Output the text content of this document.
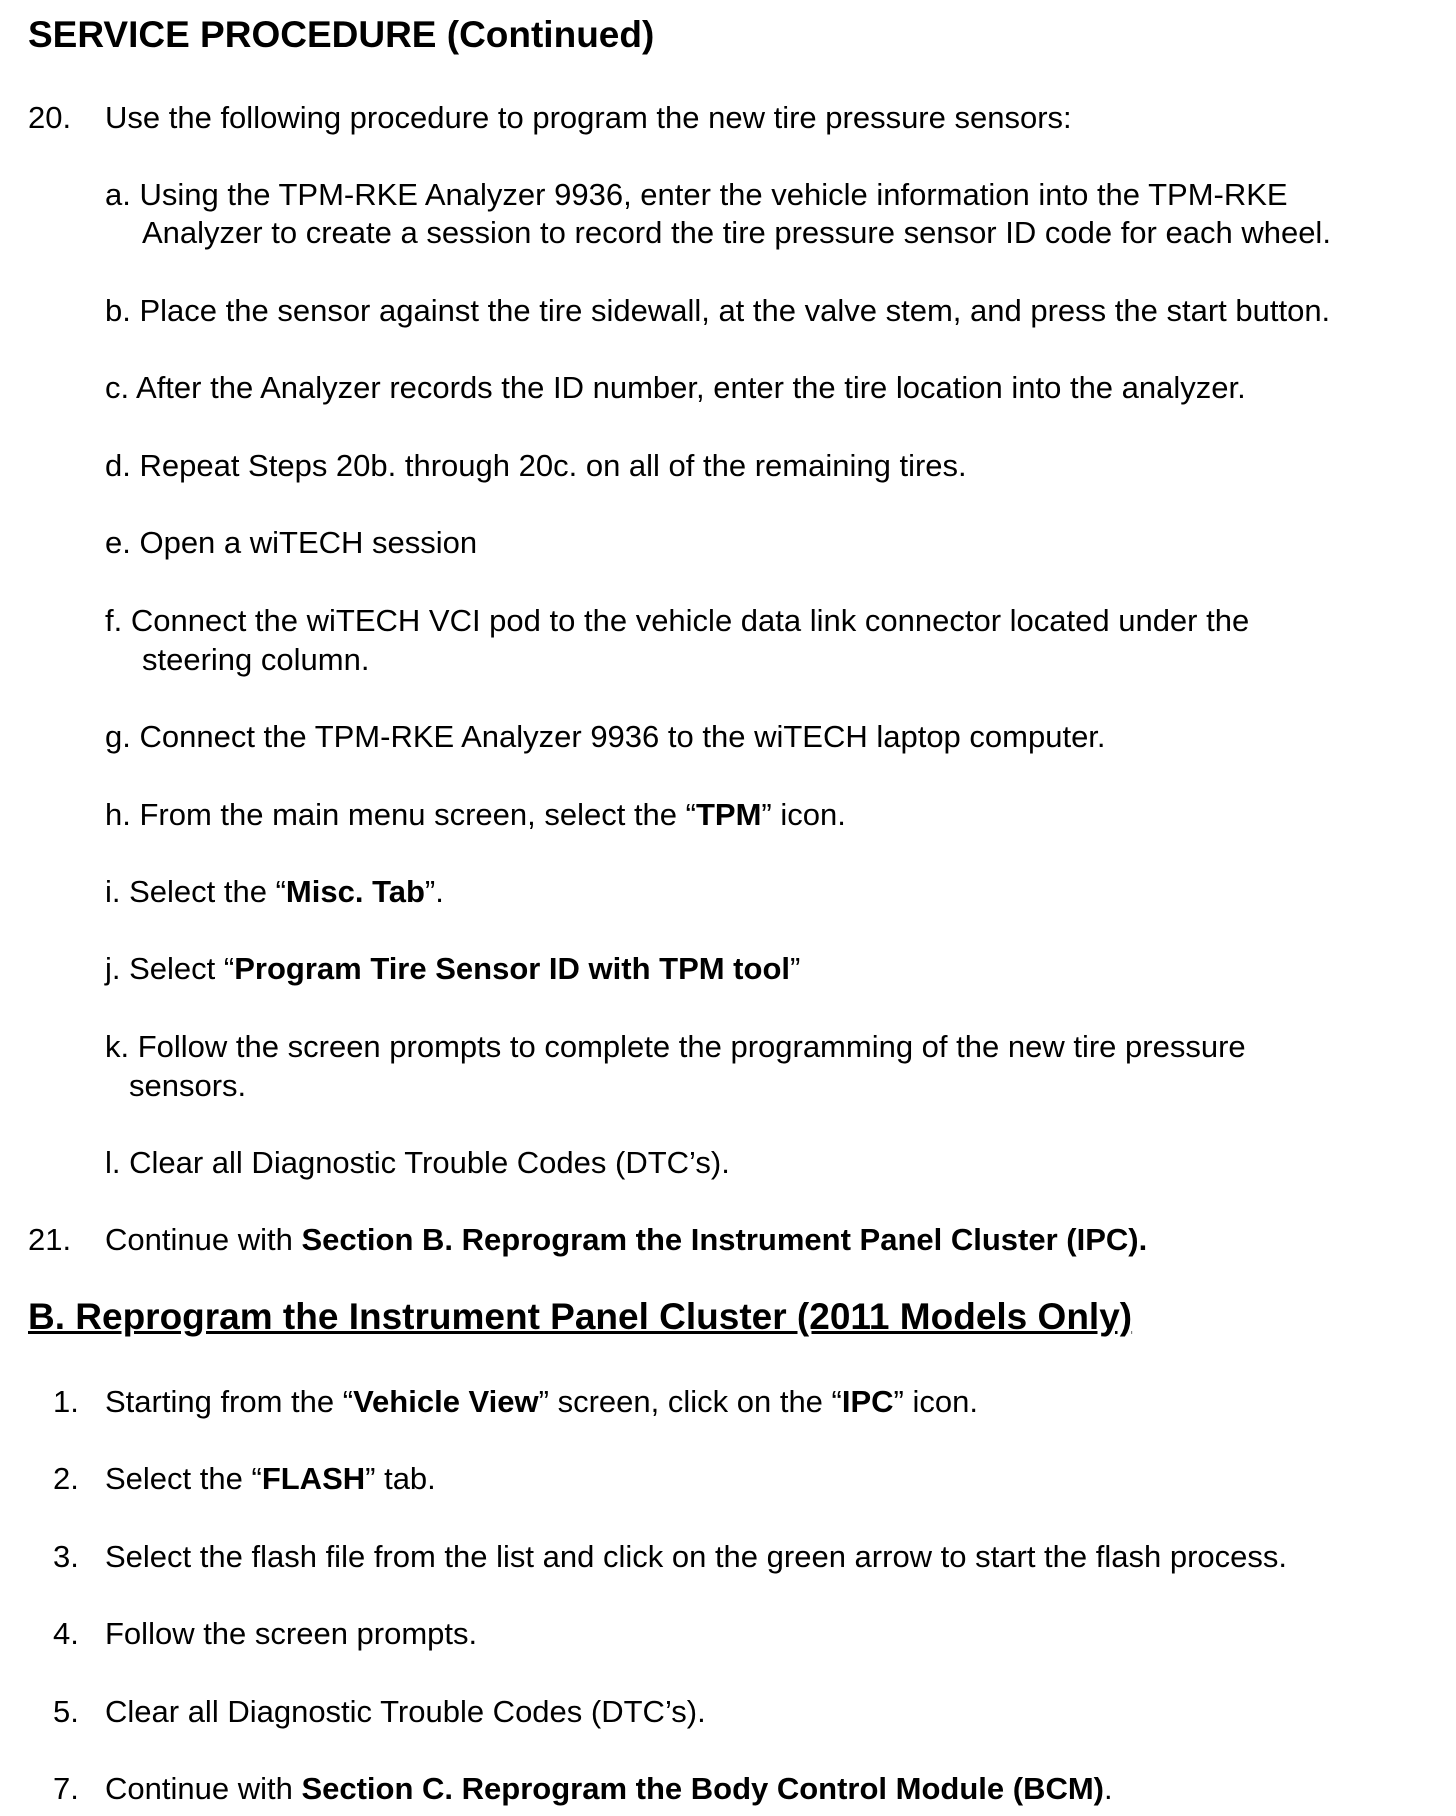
SERVICE PROCEDURE (Continued)
20. Use the following procedure to program the new tire pressure sensors:
a. Using the TPM-RKE Analyzer 9936, enter the vehicle information into the TPM-RKE
Analyzer to create a session to record the tire pressure sensor ID code for each wheel.
b. Place the sensor against the tire sidewall, at the valve stem, and press the start button.
c. After the Analyzer records the ID number, enter the tire location into the analyzer.
d. Repeat Steps 20b. through 20c. on all of the remaining tires.
e. Open a wiTECH session
f. Connect the wiTECH VCI pod to the vehicle data link connector located under the
steering column.
g. Connect the TPM-RKE Analyzer 9936 to the wiTECH laptop computer.
h. From the main menu screen, select the “TPM” icon.
i. Select the “Misc. Tab”.
j. Select “Program Tire Sensor ID with TPM tool”
k. Follow the screen prompts to complete the programming of the new tire pressure
sensors.
l. Clear all Diagnostic Trouble Codes (DTC’s).
21. Continue with Section B. Reprogram the Instrument Panel Cluster (IPC).
B. Reprogram the Instrument Panel Cluster (2011 Models Only)
1. Starting from the “Vehicle View” screen, click on the “IPC” icon.
2. Select the “FLASH” tab.
3. Select the flash file from the list and click on the green arrow to start the flash process.
4. Follow the screen prompts.
5. Clear all Diagnostic Trouble Codes (DTC’s).
7. Continue with Section C. Reprogram the Body Control Module (BCM).
